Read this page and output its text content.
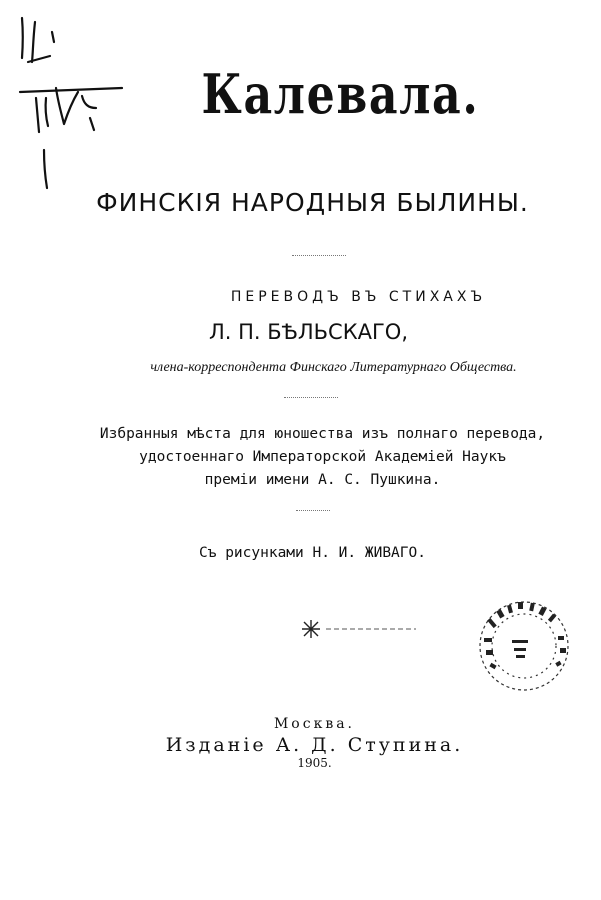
Калевала.
ФИНСКІЯ НАРОДНЫЯ БЫЛИНЫ.
ПЕРЕВОДЪ ВЪ СТИХАХЪ
Л. П. БѢЛЬСКАГО,
члена-корреспондента Финскаго Литературнаго Общества.
Избранныя мѣста для юношества изъ полнаго перевода,
удостоеннаго Императорской Академіей Наукъ
преміи имени А. С. Пушкина.
Съ рисунками Н. И. ЖИВАГО.
Москва.
Изданіе А. Д. Ступина.
1905.
